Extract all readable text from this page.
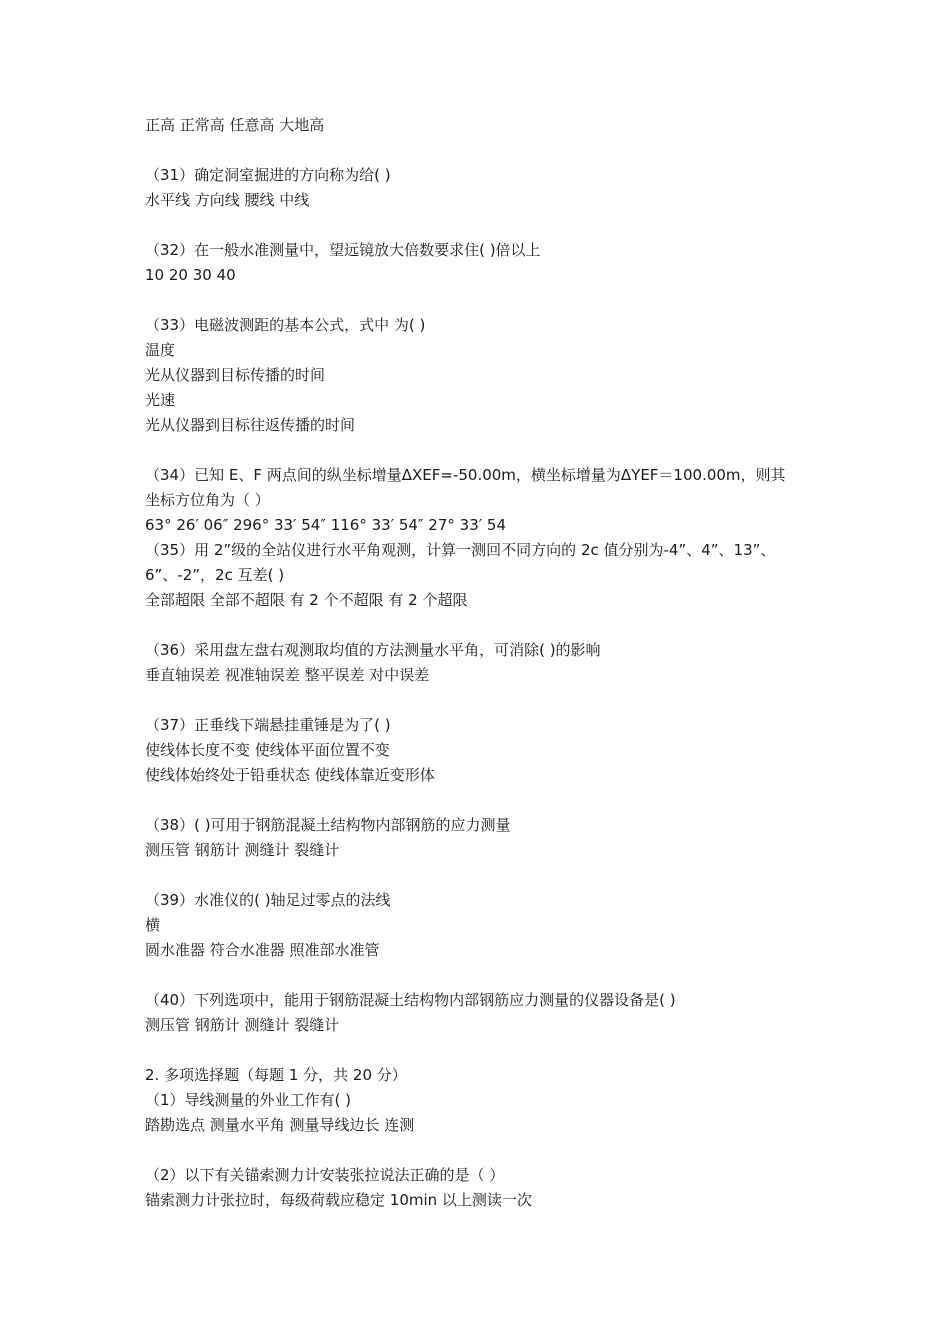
正高 正常高 任意高 大地高
（31）确定洞室掘进的方向称为给( )
水平线 方向线 腰线 中线
（32）在一般水准测量中，望远镜放大倍数要求住( )倍以上
10 20 30 40
（33）电磁波测距的基本公式，式中 为( )
温度
光从仪器到目标传播的时间
光速
光从仪器到目标往返传播的时间
（34）已知 E、F 两点间的纵坐标增量ΔXEF=-50.00m，横坐标增量为ΔYEF＝100.00m，则其
坐标方位角为（ ）
63° 26′ 06″ 296° 33′ 54″ 116° 33′ 54″ 27° 33′ 54
（35）用 2”级的全站仪进行水平角观测，计算一测回不同方向的 2c 值分别为-4”、4”、13”、
6”、-2”，2c 互差( )
全部超限 全部不超限 有 2 个不超限 有 2 个超限
（36）采用盘左盘右观测取均值的方法测量水平角，可消除( )的影响
垂直轴误差 视准轴误差 整平误差 对中误差
（37）正垂线下端悬挂重锤是为了( )
使线体长度不变 使线体平面位置不变
使线体始终处于铅垂状态 使线体靠近变形体
（38）( )可用于钢筋混凝土结构物内部钢筋的应力测量
测压管 钢筋计 测缝计 裂缝计
（39）水准仪的( )轴足过零点的法线
横
圆水准器 符合水准器 照准部水准管
（40）下列选项中，能用于钢筋混凝土结构物内部钢筋应力测量的仪器设备是( )
测压管 钢筋计 测缝计 裂缝计
2. 多项选择题（每题 1 分，共 20 分）
（1）导线测量的外业工作有( )
踏勘选点 测量水平角 测量导线边长 连测
（2）以下有关锚索测力计安装张拉说法正确的是（ ）
锚索测力计张拉时，每级荷载应稳定 10min 以上测读一次
